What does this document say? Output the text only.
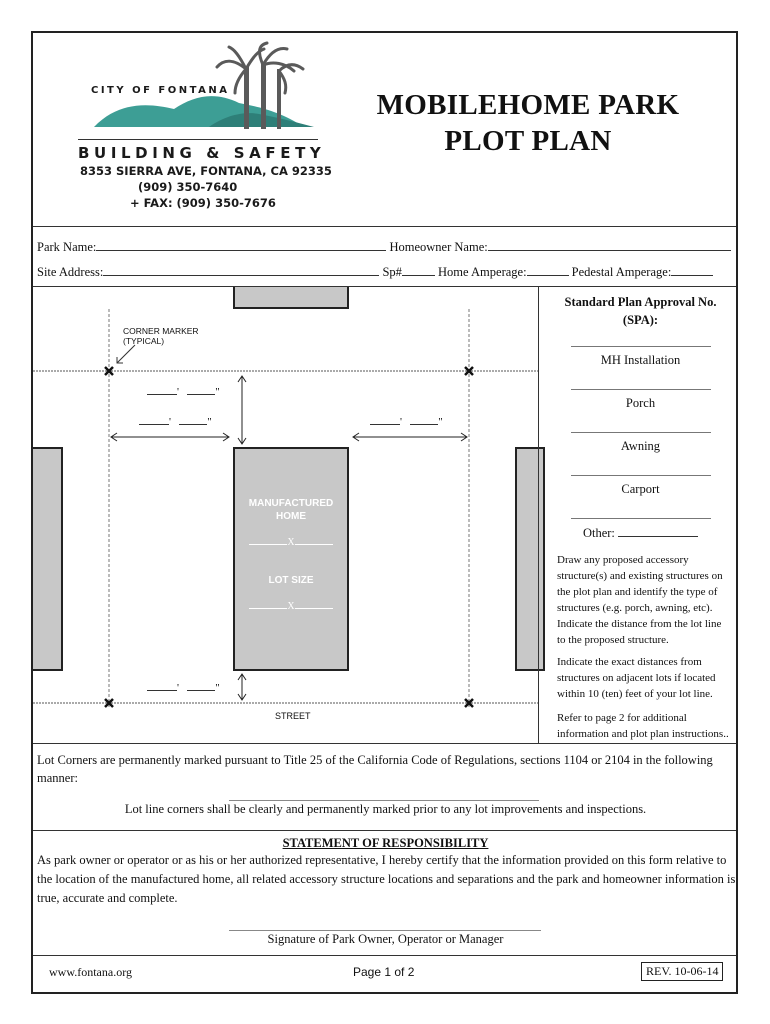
CITY OF FONTANA
BUILDING & SAFETY
8353 SIERRA AVE, FONTANA, CA 92335
(909) 350-7640
+ FAX: (909) 350-7676
MOBILEHOME PARK
PLOT PLAN
Park Name:	Homeowner Name:
Site Address:	Sp#	Home Amperage:	Pedestal Amperage:
CORNER MARKER
(TYPICAL)
'	"
'	"	'	"
'	"
MANUFACTURED
HOME
X
LOT SIZE
X
STREET
Standard Plan Approval No.
(SPA):
MH Installation
Porch
Awning
Carport
Other:
Draw any proposed accessory structure(s) and existing structures on the plot plan and identify the type of structures (e.g. porch, awning, etc). Indicate the distance from the lot line to the proposed structure.
Indicate the exact distances from structures on adjacent lots if located within 10 (ten) feet of your lot line.
Refer to page 2 for additional information and plot plan instructions..
Lot Corners are permanently marked pursuant to Title 25 of the California Code of Regulations, sections 1104 or 2104 in the following manner:
Lot line corners shall be clearly and permanently marked prior to any lot improvements and inspections.
STATEMENT OF RESPONSIBILITY
As park owner or operator or as his or her authorized representative, I hereby certify that the information provided on this form relative to the location of the manufactured home, all related accessory structure locations and separations and the park and homeowner information is true, accurate and complete.
Signature of Park Owner, Operator or Manager
www.fontana.org	Page 1 of 2	REV. 10-06-14
